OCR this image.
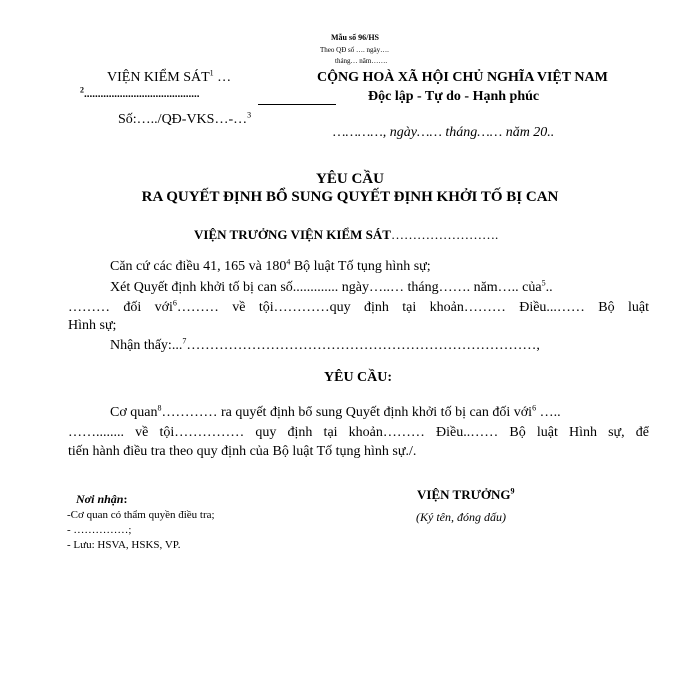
Mẫu số 96/HS
Theo QĐ số …. ngày….
tháng… năm…….
VIỆN KIỂM SÁT$^1$ …
$^2$..........................................
Số:…../QĐ-VKS…-…$^3$
CỘNG HOÀ XÃ HỘI CHỦ NGHĨA VIỆT NAM
Độc lập - Tự do - Hạnh phúc
…………, ngày…… tháng…… năm 20..
YÊU CẦU
RA QUYẾT ĐỊNH BỔ SUNG QUYẾT ĐỊNH KHỞI TỐ BỊ CAN
VIỆN TRƯỞNG VIỆN KIỂM SÁT…………………….
Căn cứ các điều 41, 165 và $180^4$ Bộ luật Tố tụng hình sự;
Xét Quyết định khởi tố bị can số............. ngày…..… tháng……. năm….. của$^5$..
……… đối với$^6$……… về tội…………quy định tại khoản……… Điều...…… Bộ luật
Hình sự;
Nhận thấy:...$^7$…………………………………………………………………,
YÊU CẦU:
Cơ quan$^8$………… ra quyết định bổ sung Quyết định khởi tố bị can đối với$^6$ …..
……........ về tội…………… quy định tại khoản……… Điều..…… Bộ luật Hình sự, để
tiến hành điều tra theo quy định của Bộ luật Tố tụng hình sự./.
Nơi nhận:
-Cơ quan có thẩm quyền điều tra;
- ……………;
- Lưu: HSVA, HSKS, VP.
VIỆN TRƯỞNG$^9$
(Ký tên, đóng dấu)
